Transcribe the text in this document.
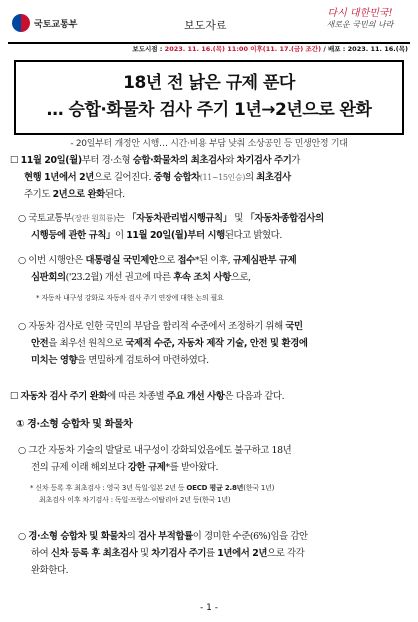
국토교통부	보도자료
다시 대한민국!
새로운 국민의 나라
보도시점 : 2023. 11. 16.(목) 11:00 이후(11. 17.(금) 조간) / 배포 : 2023. 11. 16.(목)
18년 전 낡은 규제 푼다
… 승합·화물차 검사 주기 1년→2년으로 완화
- 20일부터 개정안 시행… 시간·비용 부담 낮춰 소상공인 등 민생안정 기대
☐ 11월 20일(월)부터 경·소형 승합·화물차의 최초검사와 차기검사 주기가
현행 1년에서 2년으로 길어진다. 중형 승합차(11~15인승)의 최초검사
주기도 2년으로 완화된다.
○ 국토교통부(장관 원희룡)는 「자동차관리법시행규칙」 및 「자동차종합검사의
시행등에 관한 규칙」이 11월 20일(월)부터 시행된다고 밝혔다.
○ 이번 시행안은 대통령실 국민제안으로 접수*된 이후, 규제심판부 규제
심판회의('23.2월) 개선 권고에 따른 후속 조치 사항으로,
* 자동차 내구성 강화로 자동차 검사 주기 연장에 대한 논의 필요
○ 자동차 검사로 인한 국민의 부담을 합리적 수준에서 조정하기 위해 국민
안전을 최우선 원칙으로 국제적 수준, 자동차 제작 기술, 안전 및 환경에
미치는 영향을 면밀하게 검토하여 마련하였다.
☐ 자동차 검사 주기 완화에 따른 차종별 주요 개선 사항은 다음과 같다.
① 경·소형 승합차 및 화물차
○ 그간 자동차 기술의 발달로 내구성이 강화되었음에도 불구하고 18년
전의 규제 이래 해외보다 강한 규제*를 받아왔다.
* 신차 등록 후 최초검사 : 영국 3년 독일·일본 2년 등 OECD 평균 2.8년(한국 1년)
최초검사 이후 차기검사 : 독일·프랑스·이탈리아 2년 등(한국 1년)
○ 경·소형 승합차 및 화물차의 검사 부적합률이 경미한 수준(6%)임을 감안
하여 신차 등록 후 최초검사 및 차기검사 주기를 1년에서 2년으로 각각
완화한다.
- 1 -
